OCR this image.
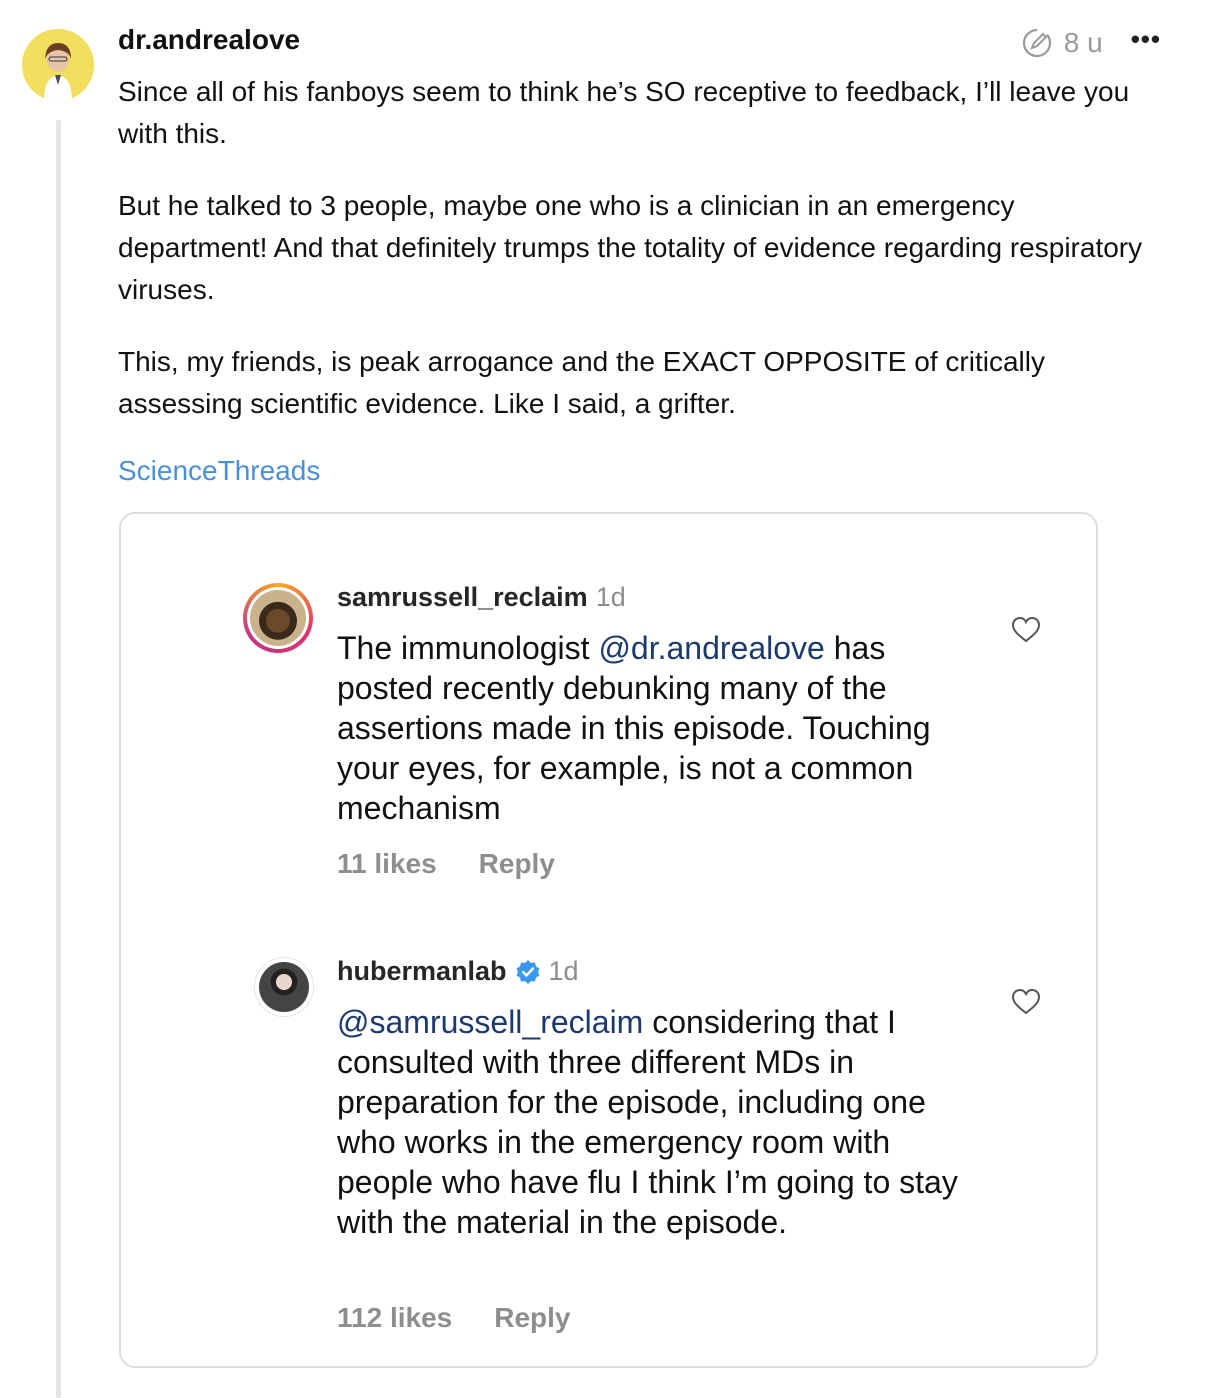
dr.andrealove	8 u •••

Since all of his fanboys seem to think he’s SO receptive to feedback, I’ll leave you with this.

But he talked to 3 people, maybe one who is a clinician in an emergency department! And that definitely trumps the totality of evidence regarding respiratory viruses.

This, my friends, is peak arrogance and the EXACT OPPOSITE of critically assessing scientific evidence. Like I said, a grifter.

ScienceThreads
samrussell_reclaim 1d

The immunologist @dr.andrealove has posted recently debunking many of the assertions made in this episode. Touching your eyes, for example, is not a common mechanism

11 likes Reply
hubermanlab 1d

@samrussell_reclaim considering that I consulted with three different MDs in preparation for the episode, including one who works in the emergency room with people who have flu I think I’m going to stay with the material in the episode.

112 likes Reply
